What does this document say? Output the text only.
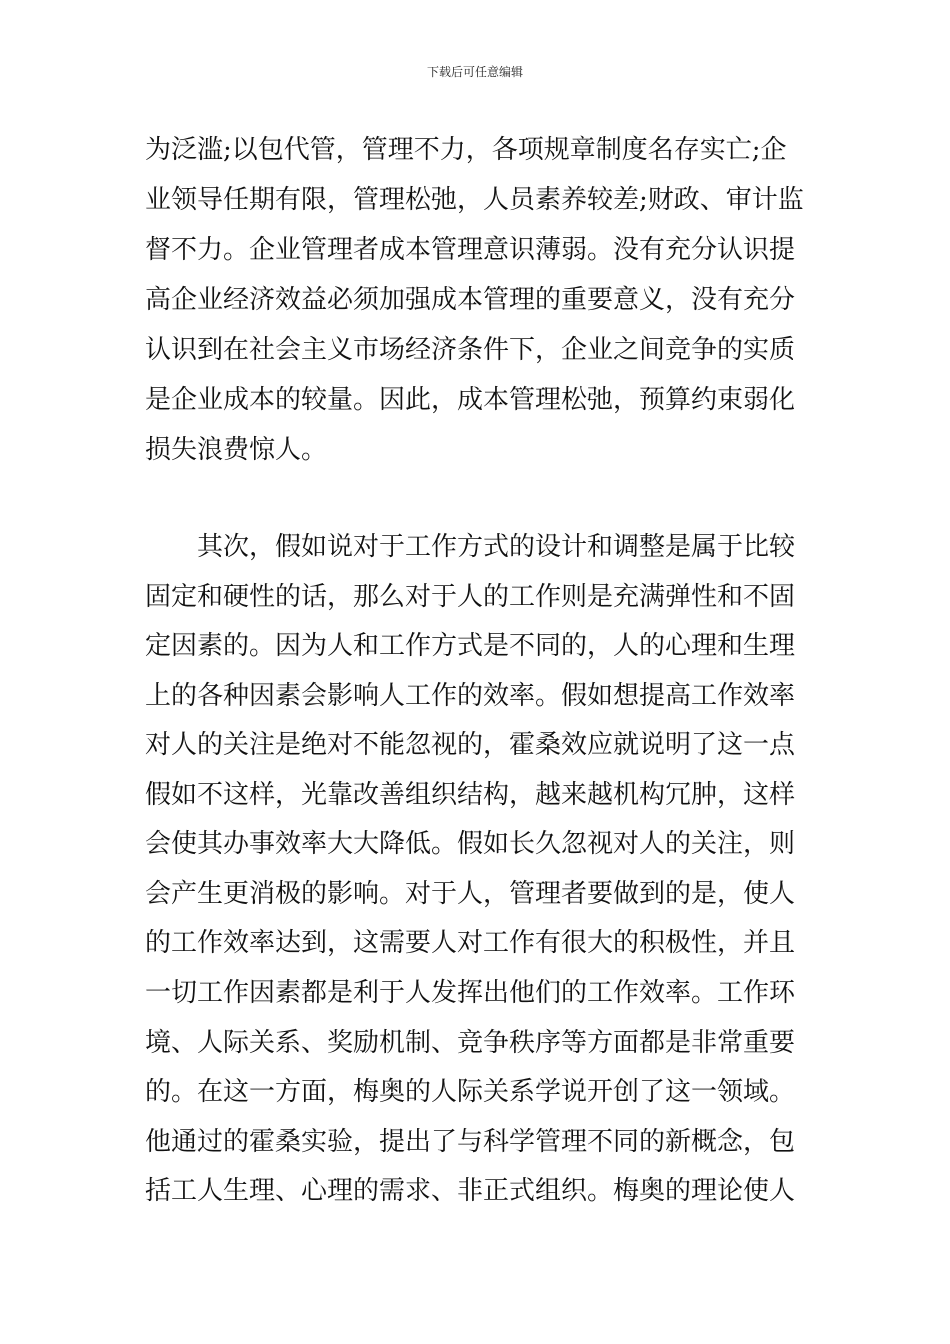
下载后可任意编辑
为泛滥;以包代管，管理不力，各项规章制度名存实亡;企
业领导任期有限，管理松弛，人员素养较差;财政、审计监
督不力。企业管理者成本管理意识薄弱。没有充分认识提
高企业经济效益必须加强成本管理的重要意义，没有充分
认识到在社会主义市场经济条件下，企业之间竞争的实质
是企业成本的较量。因此，成本管理松弛，预算约束弱化
损失浪费惊人。
其次，假如说对于工作方式的设计和调整是属于比较
固定和硬性的话，那么对于人的工作则是充满弹性和不固
定因素的。因为人和工作方式是不同的，人的心理和生理
上的各种因素会影响人工作的效率。假如想提高工作效率
对人的关注是绝对不能忽视的，霍桑效应就说明了这一点
假如不这样，光靠改善组织结构，越来越机构冗肿，这样
会使其办事效率大大降低。假如长久忽视对人的关注，则
会产生更消极的影响。对于人，管理者要做到的是，使人
的工作效率达到，这需要人对工作有很大的积极性，并且
一切工作因素都是利于人发挥出他们的工作效率。工作环
境、人际关系、奖励机制、竞争秩序等方面都是非常重要
的。在这一方面，梅奥的人际关系学说开创了这一领域。
他通过的霍桑实验，提出了与科学管理不同的新概念，包
括工人生理、心理的需求、非正式组织。梅奥的理论使人
